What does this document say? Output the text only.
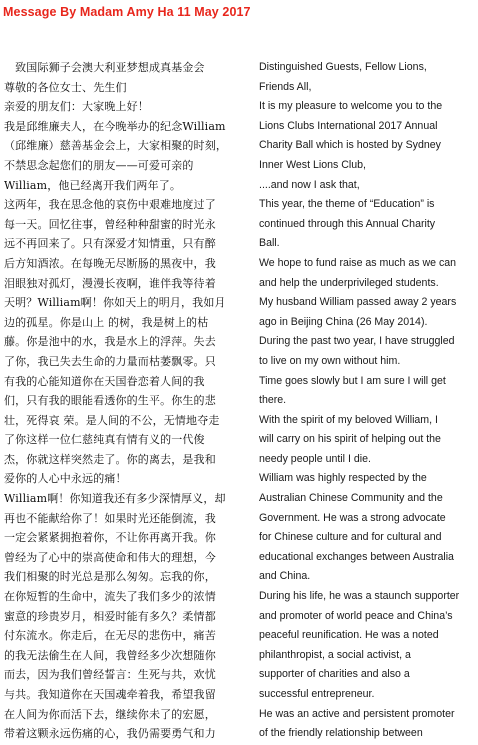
Message By Madam Amy Ha 11 May 2017
　致国际狮子会澳大利亚梦想成真基金会
尊敬的各位女士、先生们
亲爱的朋友们：大家晚上好！
我是邱维廉夫人，在今晚举办的纪念William
（邱维廉）慈善基金会上，大家相聚的时刻，
不禁思念起您们的朋友——可爱可亲的
William，他已经离开我们两年了。
这两年，我在思念他的哀伤中艰难地度过了
每一天。回忆往事，曾经种种甜蜜的时光永
远不再回来了。只有深爱才知情重，只有醉
后方知酒浓。在每晚无尽断肠的黑夜中，我
泪眼独对孤灯，漫漫长夜啊，谁伴我等待着
天明？William啊！你如天上的明月，我如月
边的孤星。你是山上 的树，我是树上的枯
藤。你是池中的水，我是水上的浮萍。失去
了你，我已失去生命的力量而枯萎飘零。只
有我的心能知道你在天国眷恋着人间的我
们，只有我的眼能看透你的生平。你生的悲
壮，死得哀 荣。是人间的不公，无情地夺走
了你这样一位仁慈纯真有情有义的一代俊
杰，你就这样突然走了。你的离去，是我和
爱你的人心中永远的痛！
William啊！你知道我还有多少深情厚义，却
再也不能献给你了！如果时光还能倒流，我
一定会紧紧拥抱着你，不让你再离开我。你
曾经为了心中的崇高使命和伟大的理想，今
我们相聚的时光总是那么匆匆。忘我的你，
在你短暂的生命中，流失了我们多少的浓情
蜜意的珍贵岁月，相爱时能有多久？柔情都
付东流水。你走后，在无尽的悲伤中，痛苦
的我无法偷生在人间，我曾经多少次想随你
而去，因为我们曾经誓言：生死与共，欢忧
与共。我知道你在天国魂牵着我，希望我留
在人间为你而活下去，继续你未了的宏愿，
带着这颗永远伤痛的心，我仍需要勇气和力
Distinguished Guests, Fellow Lions,
Friends All,
It is my pleasure to welcome you to the
Lions Clubs International 2017 Annual
Charity Ball which is hosted by Sydney
Inner West Lions Club,
....and now I ask that,
This year, the theme of “Education” is
continued through this Annual Charity
Ball.
We hope to fund raise as much as we can
and help the underprivileged students.
My husband William passed away 2 years
ago in Beijing China (26 May 2014).
During the past two year, I have struggled
to live on my own without him.
Time goes slowly but I am sure I will get
there.
With the spirit of my beloved William, I
will carry on his spirit of helping out the
needy people until I die.
William was highly respected by the
Australian Chinese Community and the
Government. He was a strong advocate
for Chinese culture and for cultural and
educational exchanges between Australia
and China.
During his life, he was a staunch supporter
and promoter of world peace and China’s
peaceful reunification. He was a noted
philanthropist, a social activist, a
supporter of charities and also a
successful entrepreneur.
He was an active and persistent promoter
of the friendly relationship between
